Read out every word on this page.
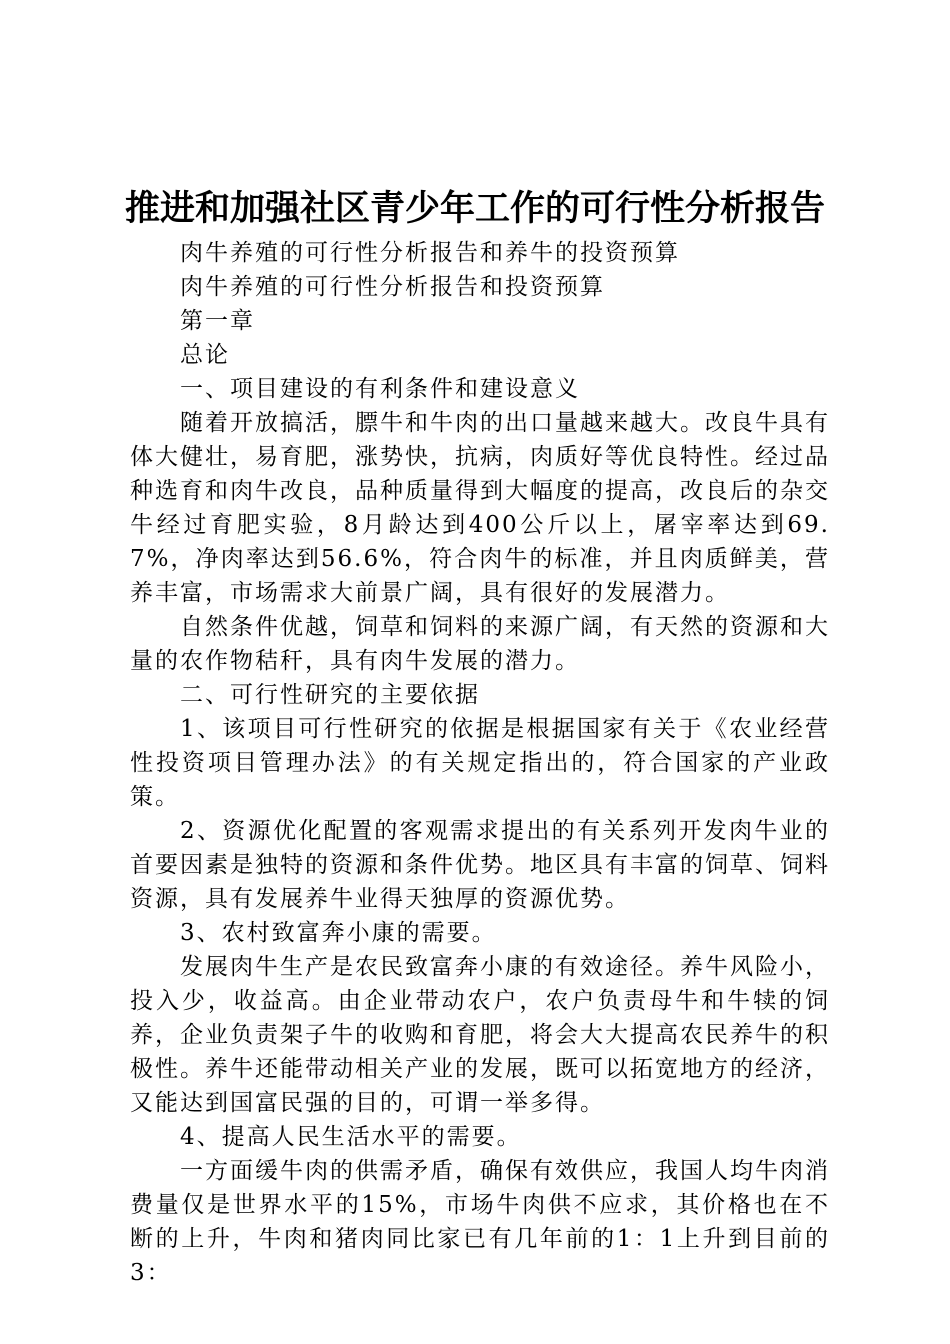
推进和加强社区青少年工作的可行性分析报告

肉牛养殖的可行性分析报告和养牛的投资预算

肉牛养殖的可行性分析报告和投资预算

第一章

总论

一、项目建设的有利条件和建设意义

随着开放搞活，膘牛和牛肉的出口量越来越大。改良牛具有体大健壮，易育肥，涨势快，抗病，肉质好等优良特性。经过品种选育和肉牛改良，品种质量得到大幅度的提高，改良后的杂交牛经过育肥实验，8月龄达到400公斤以上，屠宰率达到69.7%，净肉率达到56.6%，符合肉牛的标准，并且肉质鲜美，营养丰富，市场需求大前景广阔，具有很好的发展潜力。

自然条件优越，饲草和饲料的来源广阔，有天然的资源和大量的农作物秸秆，具有肉牛发展的潜力。

二、可行性研究的主要依据

1、该项目可行性研究的依据是根据国家有关于《农业经营性投资项目管理办法》的有关规定指出的，符合国家的产业政策。

2、资源优化配置的客观需求提出的有关系列开发肉牛业的首要因素是独特的资源和条件优势。地区具有丰富的饲草、饲料资源，具有发展养牛业得天独厚的资源优势。

3、农村致富奔小康的需要。

发展肉牛生产是农民致富奔小康的有效途径。养牛风险小，投入少，收益高。由企业带动农户，农户负责母牛和牛犊的饲养，企业负责架子牛的收购和育肥，将会大大提高农民养牛的积极性。养牛还能带动相关产业的发展，既可以拓宽地方的经济，又能达到国富民强的目的，可谓一举多得。

4、提高人民生活水平的需要。

一方面缓牛肉的供需矛盾，确保有效供应，我国人均牛肉消费量仅是世界水平的15%，市场牛肉供不应求，其价格也在不断的上升，牛肉和猪肉同比家已有几年前的1：1上升到目前的3：
